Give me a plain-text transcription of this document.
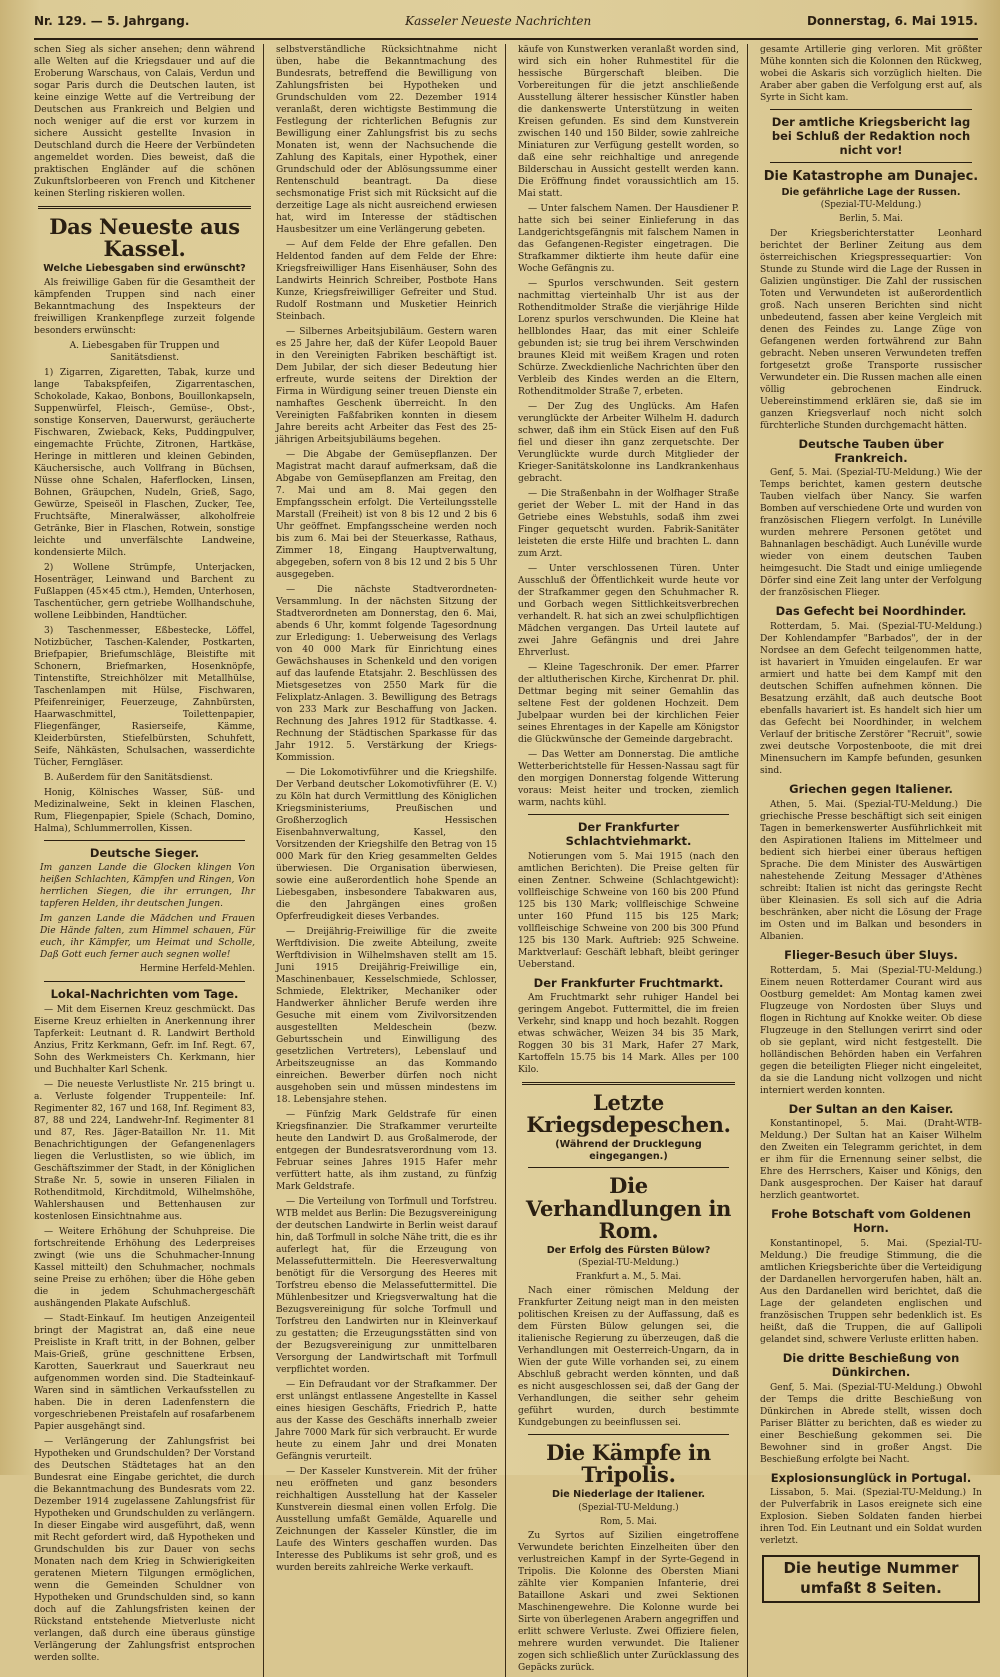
Nr. 129. — 5. Jahrgang.	Kasseler Neueste Nachrichten	Donnerstag, 6. Mai 1915.

schen Sieg als sicher ansehen; denn während alle Welten auf die Kriegsdauer und auf die Eroberung Warschaus, von Calais, Verdun und sogar Paris durch die Deutschen lauten, ist keine einzige Wette auf die Vertreibung der Deutschen aus Frankreich und Belgien und noch weniger auf die erst vor kurzem in sichere Aussicht gestellte Invasion in Deutschland durch die Heere der Verbündeten angemeldet worden. Dies beweist, daß die praktischen Engländer auf die schönen Zukunftslorbeeren von French und Kitchener keinen Sterling riskieren wollen.

Das Neueste aus Kassel.
Welche Liebesgaben sind erwünscht?

Als freiwillige Gaben für die Gesamtheit der kämpfenden Truppen sind nach einer Bekanntmachung des Inspekteurs der freiwilligen Krankenpflege zurzeit folgende besonders erwünscht:

A. Liebesgaben für Truppen und Sanitätsdienst.

1) Zigarren, Zigaretten, Tabak, kurze und lange Tabakspfeifen, Zigarrentaschen, Schokolade, Kakao, Bonbons, Bouillonkapseln, Suppenwürfel, Fleisch-, Gemüse-, Obst-, sonstige Konserven, Dauerwurst, geräucherte Fischwaren, Zwieback, Keks, Puddingpulver, eingemachte Früchte, Zitronen, Hartkäse, Heringe in mittleren und kleinen Gebinden, Käuchersische, auch Vollfrang in Büchsen, Nüsse ohne Schalen, Haferflocken, Linsen, Bohnen, Gräupchen, Nudeln, Grieß, Sago, Gewürze, Speiseöl in Flaschen, Zucker, Tee, Fruchtsäfte, Mineralwässer, alkoholfreie Getränke, Bier in Flaschen, Rotwein, sonstige leichte und unverfälschte Landweine, kondensierte Milch.

2) Wollene Strümpfe, Unterjacken, Hosenträger, Leinwand und Barchent zu Fußlappen (45×45 ctm.), Hemden, Unterhosen, Taschentücher, gern getriebe Wollhandschuhe, wollene Leibbinden, Handtücher.

3) Taschenmesser, Eßbestecke, Löffel, Notizbücher, Taschen-Kalender, Postkarten, Briefpapier, Briefumschläge, Bleistifte mit Schonern, Briefmarken, Hosenknöpfe, Tintenstifte, Streichhölzer mit Metallhülse, Taschenlampen mit Hülse, Fischwaren, Pfeifenreiniger, Feuerzeuge, Zahnbürsten, Haarwaschmittel, Toilettenpapier, Fliegenfänger, Rasierseife, Kämme, Kleiderbürsten, Stiefelbürsten, Schuhfett, Seife, Nähkästen, Schulsachen, wasserdichte Tücher, Ferngläser.

B. Außerdem für den Sanitätsdienst.

Honig, Kölnisches Wasser, Süß- und Medizinalweine, Sekt in kleinen Flaschen, Rum, Fliegenpapier, Spiele (Schach, Domino, Halma), Schlummerrollen, Kissen.

Deutsche Sieger.

Im ganzen Lande die Glocken klingen Von heißen Schlachten, Kämpfen und Ringen, Von herrlichen Siegen, die ihr errungen, Ihr tapferen Helden, ihr deutschen Jungen.

Im ganzen Lande die Mädchen und Frauen Die Hände falten, zum Himmel schauen, Für euch, ihr Kämpfer, um Heimat und Scholle, Daß Gott euch ferner auch segnen wolle!

Hermine Herfeld-Mehlen.
Lokal-Nachrichten vom Tage.

— Mit dem Eisernen Kreuz geschmückt. Das Eiserne Kreuz erhielten in Anerkennung ihrer Tapferkeit: Leutnant d. R. Landwirt Berthold Anzius, Fritz Kerkmann, Gefr. im Inf. Regt. 67, Sohn des Werkmeisters Ch. Kerkmann, hier und Buchhalter Karl Schenk.

— Die neueste Verlustliste Nr. 215 bringt u. a. Verluste folgender Truppenteile: Inf. Regimenter 82, 167 und 168, Inf. Regiment 83, 87, 88 und 224, Landwehr-Inf. Regimenter 81 und 87, Res. Jäger-Bataillon Nr. 11. Mit Benachrichtigungen der Gefangenenlagers liegen die Verlustlisten, so wie üblich, im Geschäftszimmer der Stadt, in der Königlichen Straße Nr. 5, sowie in unseren Filialen in Rothenditmold, Kirchditmold, Wilhelmshöhe, Wahlershausen und Bettenhausen zur kostenlosen Einsichtnahme aus.

— Weitere Erhöhung der Schuhpreise. Die fortschreitende Erhöhung des Lederpreises zwingt (wie uns die Schuhmacher-Innung Kassel mitteilt) den Schuhmacher, nochmals seine Preise zu erhöhen; über die Höhe geben die in jedem Schuhmachergeschäft aushängenden Plakate Aufschluß.

— Stadt-Einkauf. Im heutigen Anzeigenteil bringt der Magistrat an, daß eine neue Preisliste in Kraft tritt, in der Bohnen, gelber Mais-Grieß, grüne geschnittene Erbsen, Karotten, Sauerkraut und Sauerkraut neu aufgenommen worden sind. Die Stadteinkauf-Waren sind in sämtlichen Verkaufsstellen zu haben. Die in deren Ladenfenstern die vorgeschriebenen Preistafeln auf rosafarbenem Papier ausgehängt sind.

— Verlängerung der Zahlungsfrist bei Hypotheken und Grundschulden? Der Vorstand des Deutschen Städtetages hat an den Bundesrat eine Eingabe gerichtet, die durch die Bekanntmachung des Bundesrats vom 22. Dezember 1914 zugelassene Zahlungsfrist für Hypotheken und Grundschulden zu verlängern. In dieser Eingabe wird ausgeführt, daß, wenn mit Recht gefordert wird, daß Hypotheken und Grundschulden bis zur Dauer von sechs Monaten nach dem Krieg in Schwierigkeiten geratenen Mietern Tilgungen ermöglichen, wenn die Gemeinden Schuldner von Hypotheken und Grundschulden sind, so kann doch auf die Zahlungsfristen keinen der Rückstand entstehende Mietverluste nicht verlangen, daß durch eine überaus günstige Verlängerung der Zahlungsfrist entsprochen werden sollte.

selbstverständliche Rücksichtnahme nicht üben, habe die Bekanntmachung des Bundesrats, betreffend die Bewilligung von Zahlungsfristen bei Hypotheken und Grundschulden vom 22. Dezember 1914 veranlaßt, deren wichtigste Bestimmung die Festlegung der richterlichen Befugnis zur Bewilligung einer Zahlungsfrist bis zu sechs Monaten ist, wenn der Nachsuchende die Zahlung des Kapitals, einer Hypothek, einer Grundschuld oder der Ablösungssumme einer Rentenschuld beantragt. Da diese sechsmonatige Frist sich mit Rücksicht auf die derzeitige Lage als nicht ausreichend erwiesen hat, wird im Interesse der städtischen Hausbesitzer um eine Verlängerung gebeten.

— Auf dem Felde der Ehre gefallen. Den Heldentod fanden auf dem Felde der Ehre: Kriegsfreiwilliger Hans Eisenhäuser, Sohn des Landwirts Heinrich Schreiber, Postbote Hans Kunze, Kriegsfreiwilliger Gefreiter und Stud. Rudolf Rostmann und Musketier Heinrich Steinbach.

— Silbernes Arbeitsjubiläum. Gestern waren es 25 Jahre her, daß der Küfer Leopold Bauer in den Vereinigten Fabriken beschäftigt ist. Dem Jubilar, der sich dieser Bedeutung hier erfreute, wurde seitens der Direktion der Firma in Würdigung seiner treuen Dienste ein namhaftes Geschenk überreicht. In den Vereinigten Faßfabriken konnten in diesem Jahre bereits acht Arbeiter das Fest des 25-jährigen Arbeitsjubiläums begehen.

— Die Abgabe der Gemüsepflanzen. Der Magistrat macht darauf aufmerksam, daß die Abgabe von Gemüsepflanzen am Freitag, den 7. Mai und am 8. Mai gegen den Empfangsschein erfolgt. Die Verteilungsstelle Marstall (Freiheit) ist von 8 bis 12 und 2 bis 6 Uhr geöffnet. Empfangsscheine werden noch bis zum 6. Mai bei der Steuerkasse, Rathaus, Zimmer 18, Eingang Hauptverwaltung, abgegeben, sofern von 8 bis 12 und 2 bis 5 Uhr ausgegeben.

— Die nächste Stadtverordneten-Versammlung. In der nächsten Sitzung der Stadtverordneten am Donnerstag, den 6. Mai, abends 6 Uhr, kommt folgende Tagesordnung zur Erledigung: 1. Ueberweisung des Verlags von 40 000 Mark für Einrichtung eines Gewächshauses in Schenkeld und den vorigen auf das laufende Etatsjahr. 2. Beschlüssen des Mietsgesetzes von 2550 Mark für die Felixplatz-Anlagen. 3. Bewilligung des Betrags von 233 Mark zur Beschaffung von Jacken. Rechnung des Jahres 1912 für Stadtkasse. 4. Rechnung der Städtischen Sparkasse für das Jahr 1912. 5. Verstärkung der Kriegs-Kommission.

— Die Lokomotivführer und die Kriegshilfe. Der Verband deutscher Lokomotivführer (E. V.) zu Köln hat durch Vermittlung des Königlichen Kriegsministeriums, Preußischen und Großherzoglich Hessischen Eisenbahnverwaltung, Kassel, den Vorsitzenden der Kriegshilfe den Betrag von 15 000 Mark für den Krieg gesammelten Geldes überwiesen. Die Organisation überwiesen, sowie eine außerordentlich hohe Spende an Liebesgaben, insbesondere Tabakwaren aus, die den Jahrgängen eines großen Opferfreudigkeit dieses Verbandes.

— Dreijährig-Freiwillige für die zweite Werftdivision. Die zweite Abteilung, zweite Werftdivision in Wilhelmshaven stellt am 15. Juni 1915 Dreijährig-Freiwillige ein, Maschinenbauer, Kesselschmiede, Schlosser, Schmiede, Elektriker, Mechaniker oder Handwerker ähnlicher Berufe werden ihre Gesuche mit einem vom Zivilvorsitzenden ausgestellten Meldeschein (bezw. Geburtsschein und Einwilligung des gesetzlichen Vertreters), Lebenslauf und Arbeitszeugnisse an das Kommando einreichen. Bewerber dürfen noch nicht ausgehoben sein und müssen mindestens im 18. Lebensjahre stehen.

— Fünfzig Mark Geldstrafe für einen Kriegsfinanzier. Die Strafkammer verurteilte heute den Landwirt D. aus Großalmerode, der entgegen der Bundesratsverordnung vom 13. Februar seines Jahres 1915 Hafer mehr verfüttert hatte, als ihm zustand, zu fünfzig Mark Geldstrafe.

— Die Verteilung von Torfmull und Torfstreu. WTB meldet aus Berlin: Die Bezugsvereinigung der deutschen Landwirte in Berlin weist darauf hin, daß Torfmull in solche Nähe tritt, die es ihr auferlegt hat, für die Erzeugung von Melassefuttermitteln. Die Heeresverwaltung benötigt für die Versorgung des Heeres mit Torfstreu ebenso die Melassefuttermittel. Die Mühlenbesitzer und Kriegsverwaltung hat die Bezugsvereinigung für solche Torfmull und Torfstreu den Landwirten nur in Kleinverkauf zu gestatten; die Erzeugungsstätten sind von der Bezugsvereinigung zur unmittelbaren Versorgung der Landwirtschaft mit Torfmull verpflichtet worden.

— Ein Defraudant vor der Strafkammer. Der erst unlängst entlassene Angestellte in Kassel eines hiesigen Geschäfts, Friedrich P., hatte aus der Kasse des Geschäfts innerhalb zweier Jahre 7000 Mark für sich verbraucht. Er wurde heute zu einem Jahr und drei Monaten Gefängnis verurteilt.

— Der Kasseler Kunstverein. Mit der früher neu eröffneten und ganz besonders reichhaltigen Ausstellung hat der Kasseler Kunstverein diesmal einen vollen Erfolg. Die Ausstellung umfaßt Gemälde, Aquarelle und Zeichnungen der Kasseler Künstler, die im Laufe des Winters geschaffen wurden. Das Interesse des Publikums ist sehr groß, und es wurden bereits zahlreiche Werke verkauft.

käufe von Kunstwerken veranlaßt worden sind, wird sich ein hoher Ruhmestitel für die hessische Bürgerschaft bleiben. Die Vorbereitungen für die jetzt anschließende Ausstellung älterer hessischer Künstler haben die dankenswerte Unterstützung in weiten Kreisen gefunden. Es sind dem Kunstverein zwischen 140 und 150 Bilder, sowie zahlreiche Miniaturen zur Verfügung gestellt worden, so daß eine sehr reichhaltige und anregende Bilderschau in Aussicht gestellt werden kann. Die Eröffnung findet voraussichtlich am 15. Mai statt.

— Unter falschem Namen. Der Hausdiener P. hatte sich bei seiner Einlieferung in das Landgerichtsgefängnis mit falschem Namen in das Gefangenen-Register eingetragen. Die Strafkammer diktierte ihm heute dafür eine Woche Gefängnis zu.

— Spurlos verschwunden. Seit gestern nachmittag vierteinhalb Uhr ist aus der Rothenditmolder Straße die vierjährige Hilde Lorenz spurlos verschwunden. Die Kleine hat hellblondes Haar, das mit einer Schleife gebunden ist; sie trug bei ihrem Verschwinden braunes Kleid mit weißem Kragen und roten Schürze. Zweckdienliche Nachrichten über den Verbleib des Kindes werden an die Eltern, Rothenditmolder Straße 7, erbeten.

— Der Zug des Unglücks. Am Hafen verunglückte der Arbeiter Wilhelm H. dadurch schwer, daß ihm ein Stück Eisen auf den Fuß fiel und dieser ihn ganz zerquetschte. Der Verunglückte wurde durch Mitglieder der Krieger-Sanitätskolonne ins Landkrankenhaus gebracht.

— Die Straßenbahn in der Wolfhager Straße geriet der Weber L. mit der Hand in das Getriebe eines Webstuhls, sodaß ihm zwei Finger gequetscht wurden. Fabrik-Sanitäter leisteten die erste Hilfe und brachten L. dann zum Arzt.

— Unter verschlossenen Türen. Unter Ausschluß der Öffentlichkeit wurde heute vor der Strafkammer gegen den Schuhmacher R. und Gorbach wegen Sittlichkeitsverbrechen verhandelt. R. hat sich an zwei schulpflichtigen Mädchen vergangen. Das Urteil lautete auf zwei Jahre Gefängnis und drei Jahre Ehrverlust.

— Kleine Tageschronik. Der emer. Pfarrer der altlutherischen Kirche, Kirchenrat Dr. phil. Dettmar beging mit seiner Gemahlin das seltene Fest der goldenen Hochzeit. Dem Jubelpaar wurden bei der kirchlichen Feier seines Ehrentages in der Kapelle am Königstor die Glückwünsche der Gemeinde dargebracht.

— Das Wetter am Donnerstag. Die amtliche Wetterberichtstelle für Hessen-Nassau sagt für den morgigen Donnerstag folgende Witterung voraus: Meist heiter und trocken, ziemlich warm, nachts kühl.

Der Frankfurter Schlachtviehmarkt.

Notierungen vom 5. Mai 1915 (nach den amtlichen Berichten). Die Preise gelten für einen Zentner. Schweine (Schlachtgewicht): vollfleischige Schweine von 160 bis 200 Pfund 125 bis 130 Mark; vollfleischige Schweine unter 160 Pfund 115 bis 125 Mark; vollfleischige Schweine von 200 bis 300 Pfund 125 bis 130 Mark. Auftrieb: 925 Schweine. Marktverlauf: Geschäft lebhaft, bleibt geringer Ueberstand.

Der Frankfurter Fruchtmarkt.

Am Fruchtmarkt sehr ruhiger Handel bei geringem Angebot. Futtermittel, die im freien Verkehr, sind knapp und hoch bezahlt. Roggen etwas schwächer, Weizen 34 bis 35 Mark, Roggen 30 bis 31 Mark, Hafer 27 Mark, Kartoffeln 15.75 bis 14 Mark. Alles per 100 Kilo.

Letzte Kriegsdepeschen.
(Während der Drucklegung eingegangen.)
Die Verhandlungen in Rom.
Der Erfolg des Fürsten Bülow?
(Spezial-TU-Meldung.)
Frankfurt a. M., 5. Mai.

Nach einer römischen Meldung der Frankfurter Zeitung neigt man in den meisten politischen Kreisen zu der Auffassung, daß es dem Fürsten Bülow gelungen sei, die italienische Regierung zu überzeugen, daß die Verhandlungen mit Oesterreich-Ungarn, da in Wien der gute Wille vorhanden sei, zu einem Abschluß gebracht werden könnten, und daß es nicht ausgeschlossen sei, daß der Gang der Verhandlungen, die seither sehr geheim geführt wurden, durch bestimmte Kundgebungen zu beeinflussen sei.

Die Kämpfe in Tripolis.
Die Niederlage der Italiener.
(Spezial-TU-Meldung.)
Rom, 5. Mai.

Zu Syrtos auf Sizilien eingetroffene Verwundete berichten Einzelheiten über den verlustreichen Kampf in der Syrte-Gegend in Tripolis. Die Kolonne des Obersten Miani zählte vier Kompanien Infanterie, drei Bataillone Askari und zwei Sektionen Maschinengewehre. Die Kolonne wurde bei Sirte von überlegenen Arabern angegriffen und erlitt schwere Verluste. Zwei Offiziere fielen, mehrere wurden verwundet. Die Italiener zogen sich schließlich unter Zurücklassung des Gepäcks zurück.

gesamte Artillerie ging verloren. Mit größter Mühe konnten sich die Kolonnen den Rückweg, wobei die Askaris sich vorzüglich hielten. Die Araber aber gaben die Verfolgung erst auf, als Syrte in Sicht kam.

Der amtliche Kriegsbericht lag bei Schluß der Redaktion noch nicht vor!
Die Katastrophe am Dunajec.
Die gefährliche Lage der Russen.
(Spezial-TU-Meldung.)
Berlin, 5. Mai.

Der Kriegsberichterstatter Leonhard berichtet der Berliner Zeitung aus dem österreichischen Kriegspressequartier: Von Stunde zu Stunde wird die Lage der Russen in Galizien ungünstiger. Die Zahl der russischen Toten und Verwundeten ist außerordentlich groß. Nach unseren Berichten sind nicht unbedeutend, fassen aber keine Vergleich mit denen des Feindes zu. Lange Züge von Gefangenen werden fortwährend zur Bahn gebracht. Neben unseren Verwundeten treffen fortgesetzt große Transporte russischer Verwundeter ein. Die Russen machen alle einen völlig gebrochenen Eindruck. Uebereinstimmend erklären sie, daß sie im ganzen Kriegsverlauf noch nicht solch fürchterliche Stunden durchgemacht hätten.

Deutsche Tauben über Frankreich.

Genf, 5. Mai. (Spezial-TU-Meldung.) Wie der Temps berichtet, kamen gestern deutsche Tauben vielfach über Nancy. Sie warfen Bomben auf verschiedene Orte und wurden von französischen Fliegern verfolgt. In Lunéville wurden mehrere Personen getötet und Bahnanlagen beschädigt. Auch Lunéville wurde wieder von einem deutschen Tauben heimgesucht. Die Stadt und einige umliegende Dörfer sind eine Zeit lang unter der Verfolgung der französischen Flieger.

Das Gefecht bei Noordhinder.

Rotterdam, 5. Mai. (Spezial-TU-Meldung.) Der Kohlendampfer "Barbados", der in der Nordsee an dem Gefecht teilgenommen hatte, ist havariert in Ymuiden eingelaufen. Er war armiert und hatte bei dem Kampf mit den deutschen Schiffen aufnehmen können. Die Besatzung erzählt, daß auch deutsche Boot ebenfalls havariert ist. Es handelt sich hier um das Gefecht bei Noordhinder, in welchem Verlauf der britische Zerstörer "Recruit", sowie zwei deutsche Vorpostenboote, die mit drei Minensuchern im Kampfe befunden, gesunken sind.

Griechen gegen Italiener.

Athen, 5. Mai. (Spezial-TU-Meldung.) Die griechische Presse beschäftigt sich seit einigen Tagen in bemerkenswerter Ausführlichkeit mit den Aspirationen Italiens im Mittelmeer und bedient sich hierbei einer überaus heftigen Sprache. Die dem Minister des Auswärtigen nahestehende Zeitung Messager d'Athènes schreibt: Italien ist nicht das geringste Recht über Kleinasien. Es soll sich auf die Adria beschränken, aber nicht die Lösung der Frage im Osten und im Balkan und besonders in Albanien.

Flieger-Besuch über Sluys.

Rotterdam, 5. Mai (Spezial-TU-Meldung.) Einem neuen Rotterdamer Courant wird aus Oostburg gemeldet: Am Montag kamen zwei Flugzeuge von Nordosten über Sluys und flogen in Richtung auf Knokke weiter. Ob diese Flugzeuge in den Stellungen verirrt sind oder ob sie geplant, wird nicht festgestellt. Die holländischen Behörden haben ein Verfahren gegen die beteiligten Flieger nicht eingeleitet, da sie die Landung nicht vollzogen und nicht interniert werden konnten.

Der Sultan an den Kaiser.

Konstantinopel, 5. Mai. (Draht-WTB-Meldung.) Der Sultan hat an Kaiser Wilhelm den Zweiten ein Telegramm gerichtet, in dem er ihm für die Ernennung seiner selbst, die Ehre des Herrschers, Kaiser und Königs, den Dank ausgesprochen. Der Kaiser hat darauf herzlich geantwortet.

Frohe Botschaft vom Goldenen Horn.

Konstantinopel, 5. Mai. (Spezial-TU-Meldung.) Die freudige Stimmung, die die amtlichen Kriegsberichte über die Verteidigung der Dardanellen hervorgerufen haben, hält an. Aus den Dardanellen wird berichtet, daß die Lage der gelandeten englischen und französischen Truppen sehr bedenklich ist. Es heißt, daß die Truppen, die auf Gallipoli gelandet sind, schwere Verluste erlitten haben.

Die dritte Beschießung von Dünkirchen.

Genf, 5. Mai. (Spezial-TU-Meldung.) Obwohl der Temps die dritte Beschießung von Dünkirchen in Abrede stellt, wissen doch Pariser Blätter zu berichten, daß es wieder zu einer Beschießung gekommen sei. Die Bewohner sind in großer Angst. Die Beschießung erfolgte bei Nacht.

Explosionsunglück in Portugal.

Lissabon, 5. Mai. (Spezial-TU-Meldung.) In der Pulverfabrik in Lasos ereignete sich eine Explosion. Sieben Soldaten fanden hierbei ihren Tod. Ein Leutnant und ein Soldat wurden verletzt.

Die heutige Nummer umfaßt 8 Seiten.
